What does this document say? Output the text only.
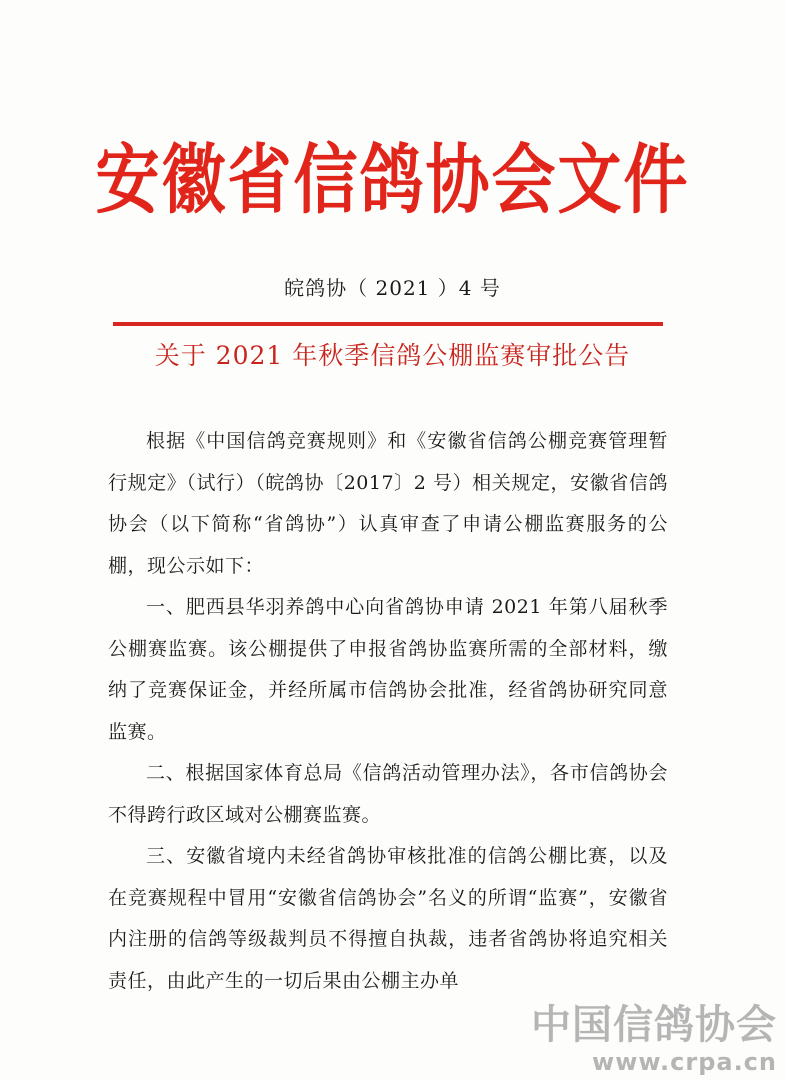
安徽省信鸽协会文件
皖鸽协（ 2021 ）4 号
关于 2021 年秋季信鸽公棚监赛审批公告

根据《中国信鸽竞赛规则》和《安徽省信鸽公棚竞赛管理暂行规定》（试行）（皖鸽协〔2017〕2 号）相关规定，安徽省信鸽协会（以下简称“省鸽协”）认真审查了申请公棚监赛服务的公棚，现公示如下：

一、肥西县华羽养鸽中心向省鸽协申请 2021 年第八届秋季公棚赛监赛。该公棚提供了申报省鸽协监赛所需的全部材料，缴纳了竞赛保证金，并经所属市信鸽协会批准，经省鸽协研究同意监赛。

二、根据国家体育总局《信鸽活动管理办法》，各市信鸽协会不得跨行政区域对公棚赛监赛。

三、安徽省境内未经省鸽协审核批准的信鸽公棚比赛，以及在竞赛规程中冒用“安徽省信鸽协会”名义的所谓“监赛”，安徽省内注册的信鸽等级裁判员不得擅自执裁，违者省鸽协将追究相关责任，由此产生的一切后果由公棚主办单

中国信鸽协会
www.crpa.cn
